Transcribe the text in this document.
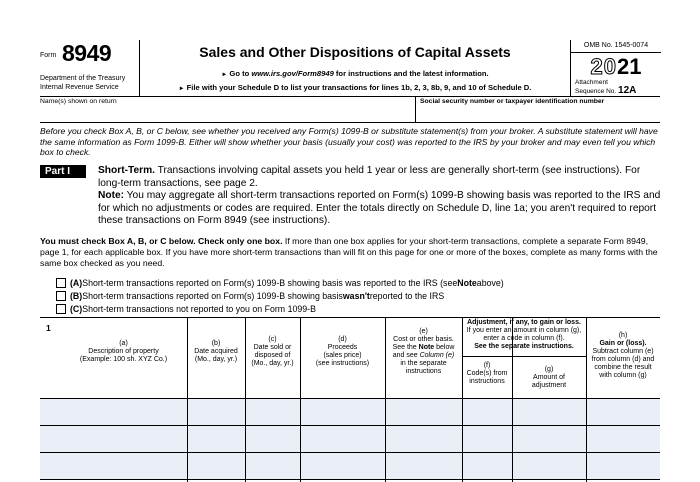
Form 8949
Department of the Treasury
Internal Revenue Service
Sales and Other Dispositions of Capital Assets
► Go to www.irs.gov/Form8949 for instructions and the latest information.
► File with your Schedule D to list your transactions for lines 1b, 2, 3, 8b, 9, and 10 of Schedule D.
OMB No. 1545-0074
2021
Attachment
Sequence No. 12A
Name(s) shown on return	Social security number or taxpayer identification number
Before you check Box A, B, or C below, see whether you received any Form(s) 1099-B or substitute statement(s) from your broker. A substitute statement will have the same information as Form 1099-B. Either will show whether your basis (usually your cost) was reported to the IRS by your broker and may even tell you which box to check.
Part I	Short-Term. Transactions involving capital assets you held 1 year or less are generally short-term (see instructions). For long-term transactions, see page 2.
Note: You may aggregate all short-term transactions reported on Form(s) 1099-B showing basis was reported to the IRS and for which no adjustments or codes are required. Enter the totals directly on Schedule D, line 1a; you aren't required to report these transactions on Form 8949 (see instructions).
You must check Box A, B, or C below. Check only one box. If more than one box applies for your short-term transactions, complete a separate Form 8949, page 1, for each applicable box. If you have more short-term transactions than will fit on this page for one or more of the boxes, complete as many forms with the same box checked as you need.
(A) Short-term transactions reported on Form(s) 1099-B showing basis was reported to the IRS (see Note above)
(B) Short-term transactions reported on Form(s) 1099-B showing basis wasn't reported to the IRS
(C) Short-term transactions not reported to you on Form 1099-B
1
(a)
Description of property
(Example: 100 sh. XYZ Co.)
(b)
Date acquired
(Mo., day, yr.)
(c)
Date sold or
disposed of
(Mo., day, yr.)
(d)
Proceeds
(sales price)
(see instructions)
(e)
Cost or other basis.
See the Note below
and see Column (e)
in the separate
instructions
Adjustment, if any, to gain or loss.
If you enter an amount in column (g),
enter a code in column (f).
See the separate instructions.
(f)
Code(s) from
instructions
(g)
Amount of
adjustment
(h)
Gain or (loss).
Subtract column (e)
from column (d) and
combine the result
with column (g)
